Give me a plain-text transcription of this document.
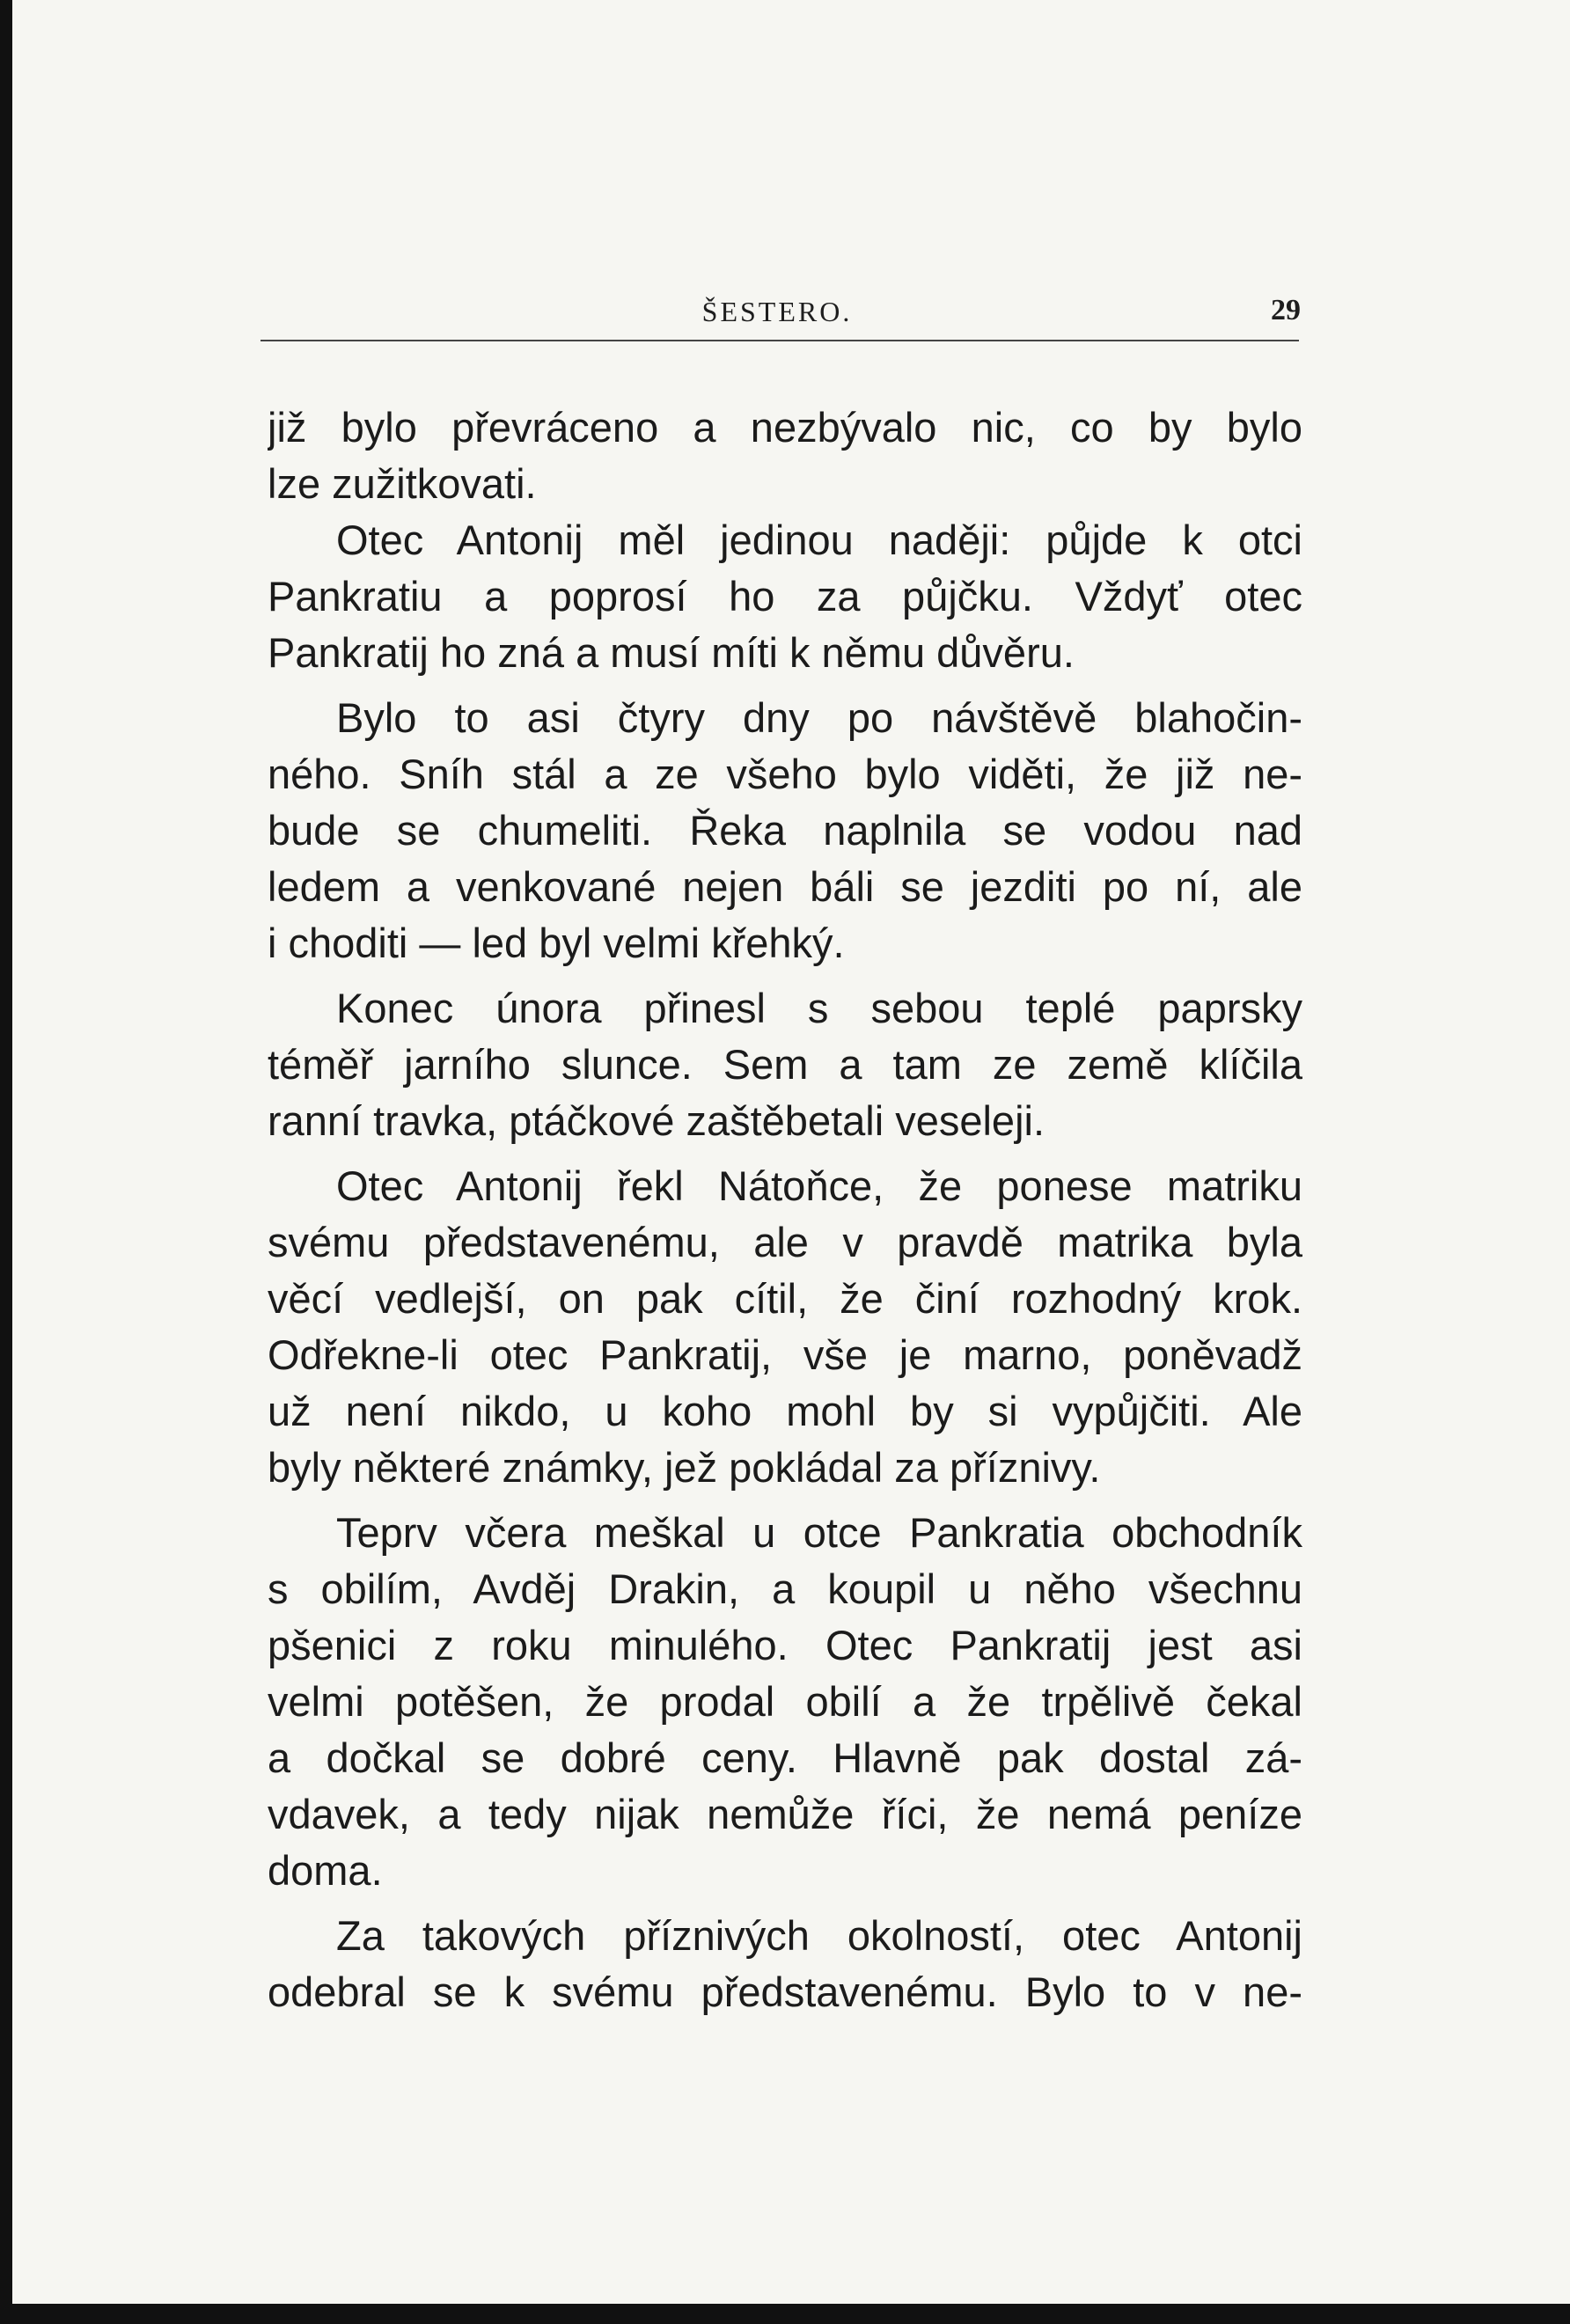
ŠESTERO.	29
již bylo převráceno a nezbývalo nic, co by bylo
lze zužitkovati.
Otec Antonij měl jedinou naději: půjde k otci
Pankratiu a poprosí ho za půjčku. Vždyť otec
Pankratij ho zná a musí míti k němu důvěru.
Bylo to asi čtyry dny po návštěvě blahočin-
ného. Sníh stál a ze všeho bylo viděti, že již ne-
bude se chumeliti. Řeka naplnila se vodou nad
ledem a venkované nejen báli se jezditi po ní, ale
i choditi — led byl velmi křehký.
Konec února přinesl s sebou teplé paprsky
téměř jarního slunce. Sem a tam ze země klíčila
ranní travka, ptáčkové zaštěbetali veseleji.
Otec Antonij řekl Nátoňce, že ponese matriku
svému představenému, ale v pravdě matrika byla
věcí vedlejší, on pak cítil, že činí rozhodný krok.
Odřekne-li otec Pankratij, vše je marno, poněvadž
už není nikdo, u koho mohl by si vypůjčiti. Ale
byly některé známky, jež pokládal za příznivy.
Teprv včera meškal u otce Pankratia obchodník
s obilím, Avděj Drakin, a koupil u něho všechnu
pšenici z roku minulého. Otec Pankratij jest asi
velmi potěšen, že prodal obilí a že trpělivě čekal
a dočkal se dobré ceny. Hlavně pak dostal zá-
vdavek, a tedy nijak nemůže říci, že nemá peníze
doma.
Za takových příznivých okolností, otec Antonij
odebral se k svému představenému. Bylo to v ne-
